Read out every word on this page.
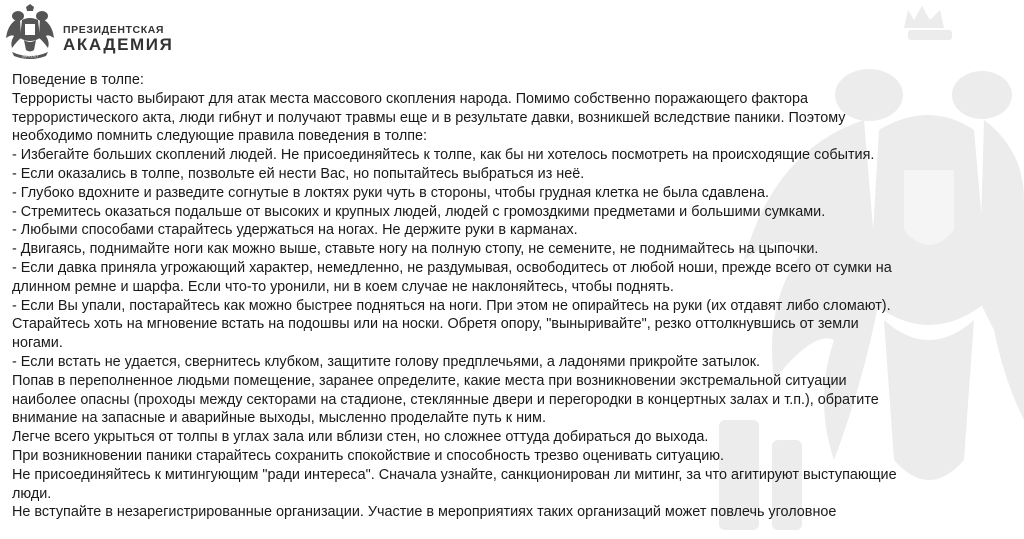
ОБРАЗУЕТ
ПРЕЗИДЕНТСКАЯ
АКАДЕМИЯ

Поведение в толпе:

Террористы часто выбирают для атак места массового скопления народа. Помимо собственно поражающего фактора

террористического акта, люди гибнут и получают травмы еще и в результате давки, возникшей вследствие паники. Поэтому

необходимо помнить следующие правила поведения в толпе:

- Избегайте больших скоплений людей. Не присоединяйтесь к толпе, как бы ни хотелось посмотреть на происходящие события.

- Если оказались в толпе, позвольте ей нести Вас, но попытайтесь выбраться из неё.

- Глубоко вдохните и разведите согнутые в локтях руки чуть в стороны, чтобы грудная клетка не была сдавлена.

- Стремитесь оказаться подальше от высоких и крупных людей, людей с громоздкими предметами и большими сумками.

- Любыми способами старайтесь удержаться на ногах. Не держите руки в карманах.

- Двигаясь, поднимайте ноги как можно выше, ставьте ногу на полную стопу, не семените, не поднимайтесь на цыпочки.

- Если давка приняла угрожающий характер, немедленно, не раздумывая, освободитесь от любой ноши, прежде всего от сумки на

длинном ремне и шарфа. Если что-то уронили, ни в коем случае не наклоняйтесь, чтобы поднять.

- Если Вы упали, постарайтесь как можно быстрее подняться на ноги. При этом не опирайтесь на руки (их отдавят либо сломают).

Старайтесь хоть на мгновение встать на подошвы или на носки. Обретя опору, "выныривайте", резко оттолкнувшись от земли

ногами.

- Если встать не удается, свернитесь клубком, защитите голову предплечьями, а ладонями прикройте затылок.

Попав в переполненное людьми помещение, заранее определите, какие места при возникновении экстремальной ситуации

наиболее опасны (проходы между секторами на стадионе, стеклянные двери и перегородки в концертных залах и т.п.), обратите

внимание на запасные и аварийные выходы, мысленно проделайте путь к ним.

Легче всего укрыться от толпы в углах зала или вблизи стен, но сложнее оттуда добираться до выхода.

При возникновении паники старайтесь сохранить спокойствие и способность трезво оценивать ситуацию.

Не присоединяйтесь к митингующим "ради интереса". Сначала узнайте, санкционирован ли митинг, за что агитируют выступающие

люди.

Не вступайте в незарегистрированные организации. Участие в мероприятиях таких организаций может повлечь уголовное
